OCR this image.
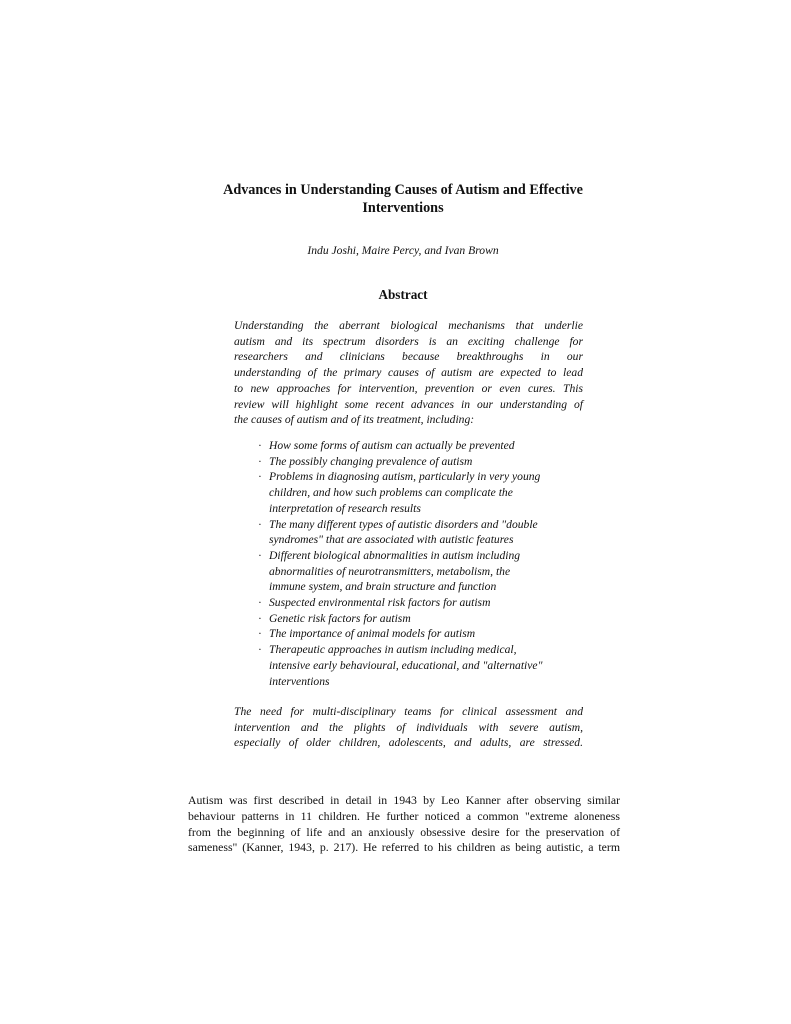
Advances in Understanding Causes of Autism and Effective
Interventions
Indu Joshi, Maire Percy, and Ivan Brown
Abstract

Understanding the aberrant biological mechanisms that underlie
autism and its spectrum disorders is an exciting challenge for
researchers and clinicians because breakthroughs in our
understanding of the primary causes of autism are expected to lead
to new approaches for intervention, prevention or even cures. This
review will highlight some recent advances in our understanding of
the causes of autism and of its treatment, including:

· How some forms of autism can actually be prevented
· The possibly changing prevalence of autism
· Problems in diagnosing autism, particularly in very young
children, and how such problems can complicate the
interpretation of research results
· The many different types of autistic disorders and "double
syndromes" that are associated with autistic features
· Different biological abnormalities in autism including
abnormalities of neurotransmitters, metabolism, the
immune system, and brain structure and function
· Suspected environmental risk factors for autism
· Genetic risk factors for autism
· The importance of animal models for autism
· Therapeutic approaches in autism including medical,
intensive early behavioural, educational, and "alternative"
interventions

The need for multi-disciplinary teams for clinical assessment and
intervention and the plights of individuals with severe autism,
especially of older children, adolescents, and adults, are stressed.

Autism was first described in detail in 1943 by Leo Kanner after observing similar
behaviour patterns in 11 children. He further noticed a common "extreme aloneness
from the beginning of life and an anxiously obsessive desire for the preservation of
sameness" (Kanner, 1943, p. 217). He referred to his children as being autistic, a term
